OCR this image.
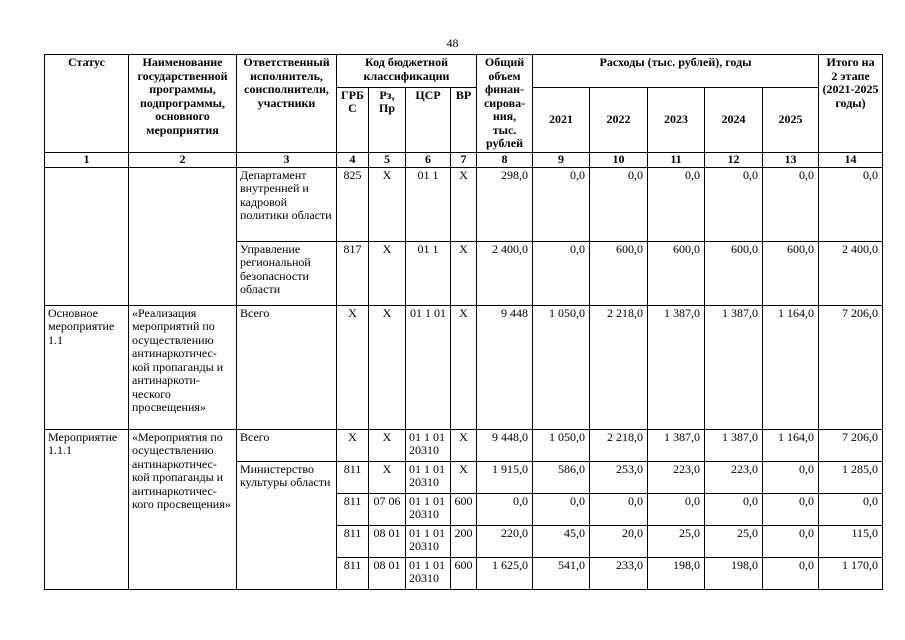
48
Статус	Наименование государственной программы, подпрограммы, основного мероприятия	Ответственный исполнитель, соисполнители, участники	Код бюджетной классификации				Общий объем финан-сирова-ния, тыс. рублей	Расходы (тыс. рублей), годы					Итого на 2 этапе (2021-2025 годы)
			ГРБ С	Рз, Пр	ЦСР	ВР		2021	2022	2023	2024	2025	
1	2	3	4	5	6	7	8	9	10	11	12	13	14
		Департамент внутренней и кадровой политики области	825	Х	01 1	Х	298,0	0,0	0,0	0,0	0,0	0,0	0,0
		Управление региональной безопасности области	817	Х	01 1	Х	2 400,0	0,0	600,0	600,0	600,0	600,0	2 400,0
Основное мероприятие 1.1	«Реализация мероприятий по осуществлению антинаркотичес-кой пропаганды и антинаркоти-ческого просвещения»	Всего	Х	Х	01 1 01	Х	9 448	1 050,0	2 218,0	1 387,0	1 387,0	1 164,0	7 206,0
Мероприятие 1.1.1	«Мероприятия по осуществлению антинаркотичес-кой пропаганды и антинаркотичес-кого просвещения»	Всего	Х	Х	01 1 01 20310	Х	9 448,0	1 050,0	2 218,0	1 387,0	1 387,0	1 164,0	7 206,0
		Министерство культуры области	811	Х	01 1 01 20310	Х	1 915,0	586,0	253,0	223,0	223,0	0,0	1 285,0
			811	07 06	01 1 01 20310	600	0,0	0,0	0,0	0,0	0,0	0,0	0,0
			811	08 01	01 1 01 20310	200	220,0	45,0	20,0	25,0	25,0	0,0	115,0
			811	08 01	01 1 01 20310	600	1 625,0	541,0	233,0	198,0	198,0	0,0	1 170,0
